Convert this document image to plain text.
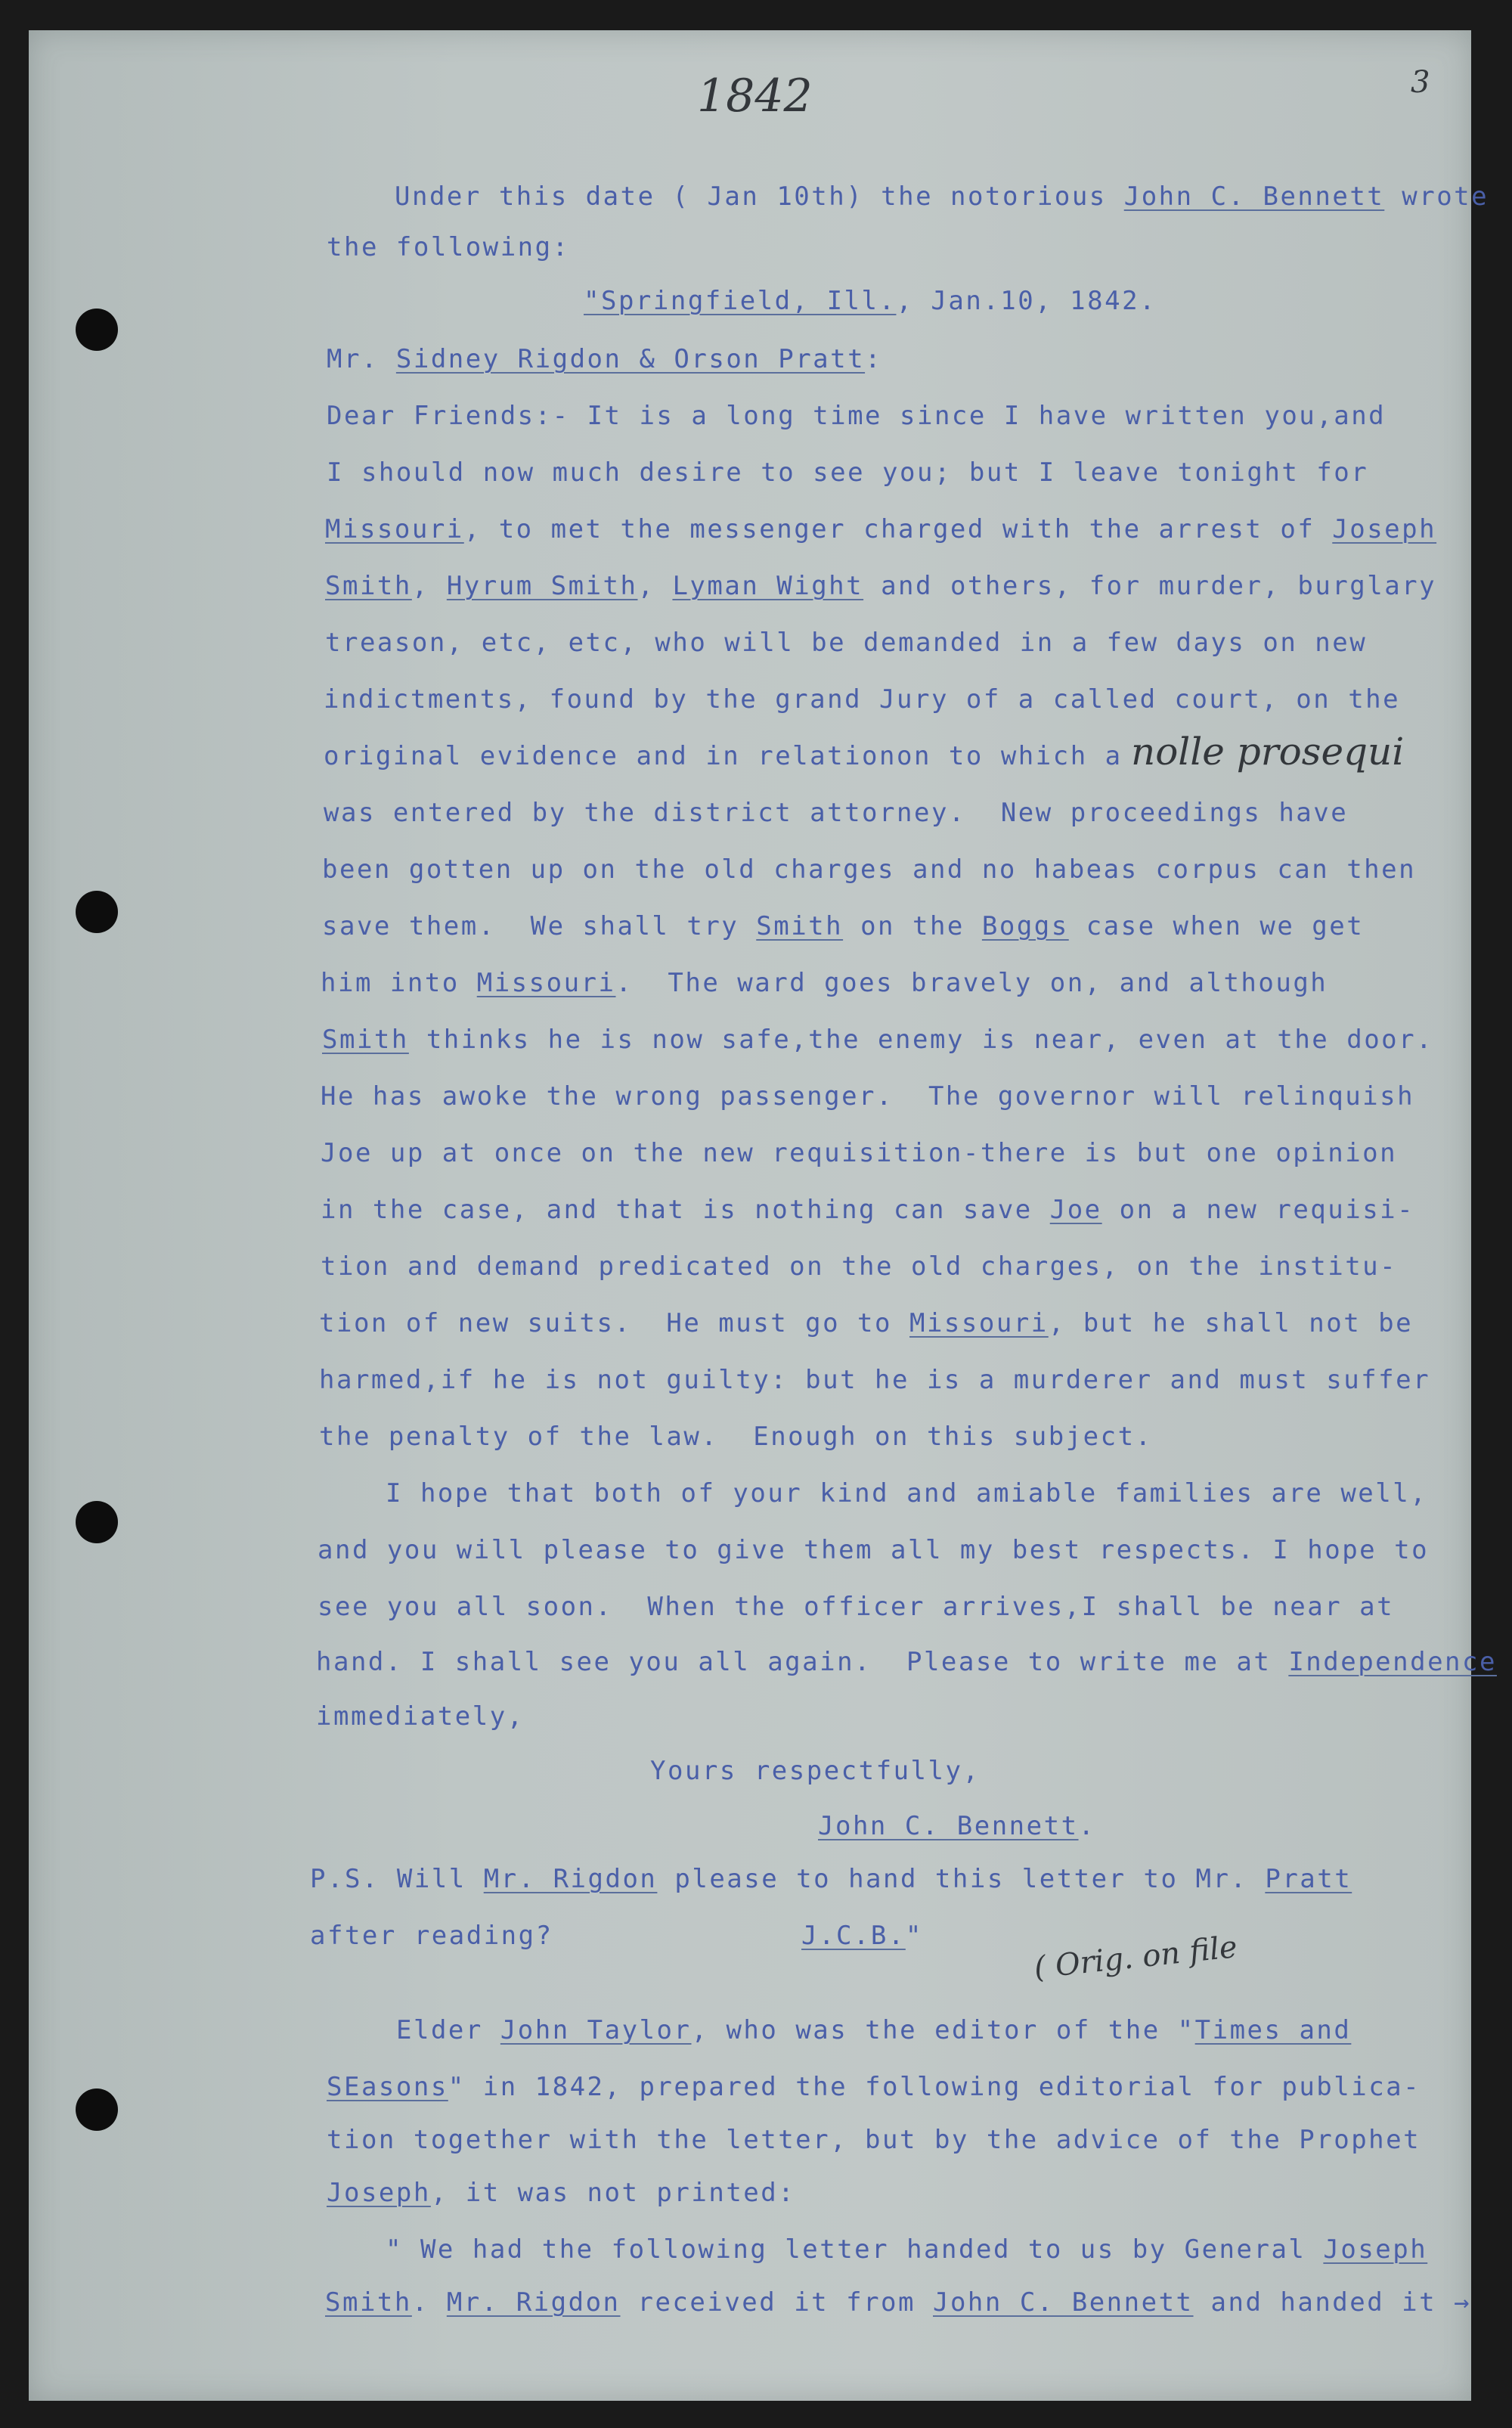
1842	3
nolle prosequi
( Orig. on file
Under this date ( Jan 10th) the notorious John C. Bennett wrote
the following:
"Springfield, Ill., Jan.10, 1842.
Mr. Sidney Rigdon & Orson Pratt:
Dear Friends:- It is a long time since I have written you,and
I should now much desire to see you; but I leave tonight for
Missouri, to met the messenger charged with the arrest of Joseph
Smith, Hyrum Smith, Lyman Wight and others, for murder, burglary
treason, etc, etc, who will be demanded in a few days on new
indictments, found by the grand Jury of a called court, on the
original evidence and in relationon to which a
was entered by the district attorney.  New proceedings have
been gotten up on the old charges and no habeas corpus can then
save them.  We shall try Smith on the Boggs case when we get
him into Missouri.  The ward goes bravely on, and although
Smith thinks he is now safe,the enemy is near, even at the door.
He has awoke the wrong passenger.  The governor will relinquish
Joe up at once on the new requisition-there is but one opinion
in the case, and that is nothing can save Joe on a new requisi-
tion and demand predicated on the old charges, on the institu-
tion of new suits.  He must go to Missouri, but he shall not be
harmed,if he is not guilty: but he is a murderer and must suffer
the penalty of the law.  Enough on this subject.
I hope that both of your kind and amiable families are well,
and you will please to give them all my best respects. I hope to
see you all soon.  When the officer arrives,I shall be near at
hand. I shall see you all again.  Please to write me at Independence
immediately,
Yours respectfully,
John C. Bennett.
P.S. Will Mr. Rigdon please to hand this letter to Mr. Pratt
after reading?	J.C.B."
Elder John Taylor, who was the editor of the "Times and
SEasons" in 1842, prepared the following editorial for publica-
tion together with the letter, but by the advice of the Prophet
Joseph, it was not printed:
" We had the following letter handed to us by General Joseph
Smith. Mr. Rigdon received it from John C. Bennett and handed it →
